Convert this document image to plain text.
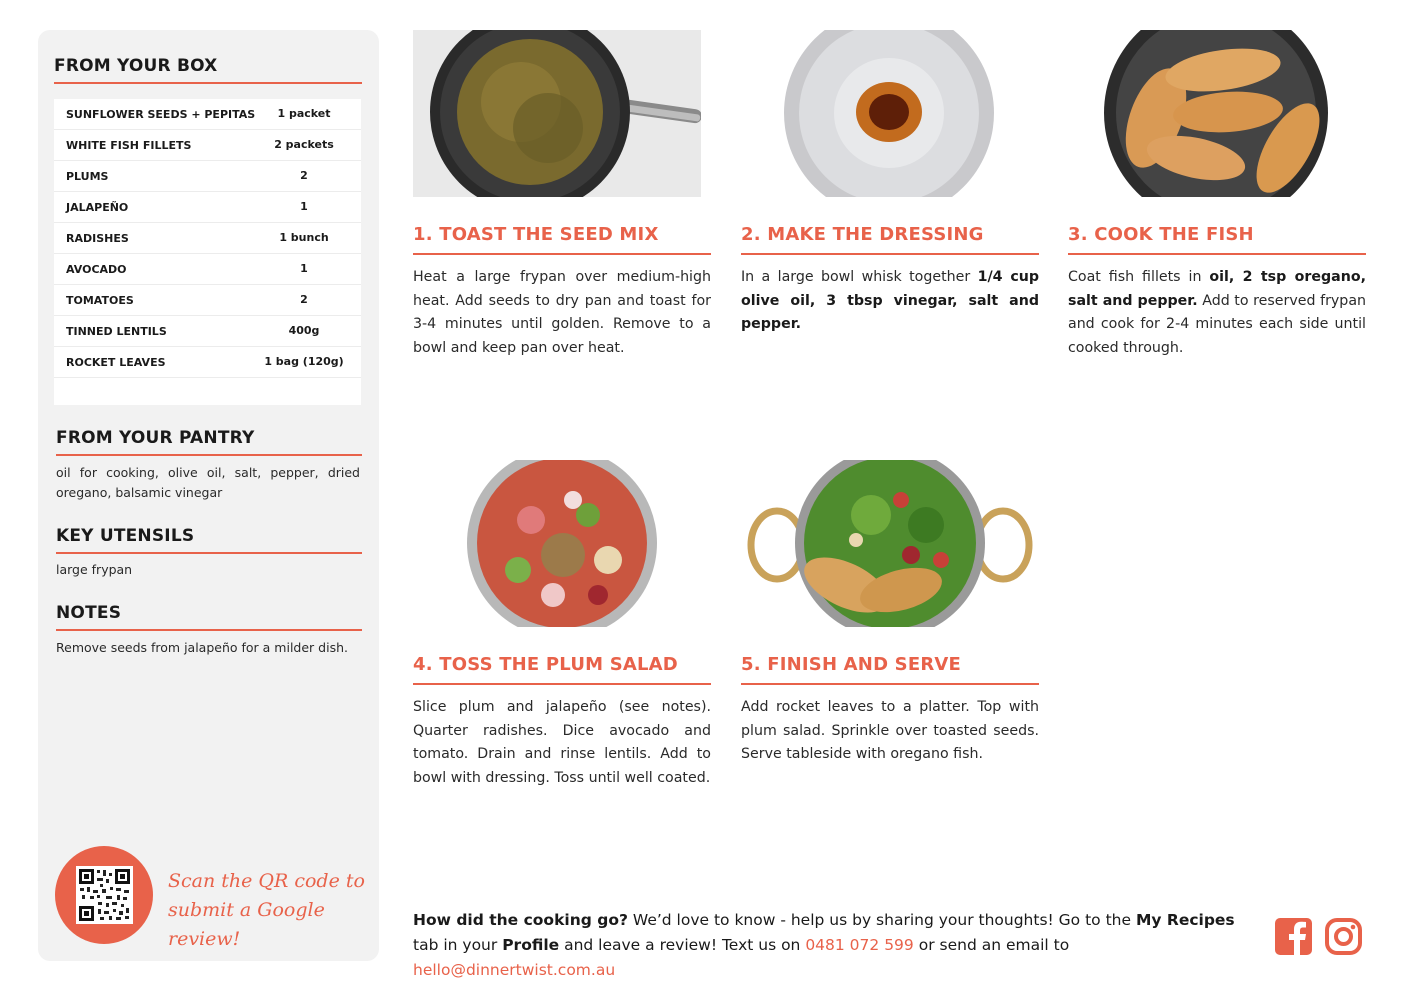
FROM YOUR BOX
SUNFLOWER SEEDS + PEPITAS	1 packet
WHITE FISH FILLETS	2 packets
PLUMS	2
JALAPEÑO	1
RADISHES	1 bunch
AVOCADO	1
TOMATOES	2
TINNED LENTILS	400g
ROCKET LEAVES	1 bag (120g)
FROM YOUR PANTRY
oil for cooking, olive oil, salt, pepper, dried oregano, balsamic vinegar
KEY UTENSILS
large frypan
NOTES
Remove seeds from jalapeño for a milder dish.
Scan the QR code to
submit a Google review!
1. TOAST THE SEED MIX
Heat a large frypan over medium-high heat. Add seeds to dry pan and toast for 3-4 minutes until golden. Remove to a bowl and keep pan over heat.
2. MAKE THE DRESSING
In a large bowl whisk together 1/4 cup olive oil, 3 tbsp vinegar, salt and pepper.
3. COOK THE FISH
Coat fish fillets in oil, 2 tsp oregano, salt and pepper. Add to reserved frypan and cook for 2-4 minutes each side until cooked through.
4. TOSS THE PLUM SALAD
Slice plum and jalapeño (see notes). Quarter radishes. Dice avocado and tomato. Drain and rinse lentils. Add to bowl with dressing. Toss until well coated.
5. FINISH AND SERVE
Add rocket leaves to a platter. Top with plum salad. Sprinkle over toasted seeds. Serve tableside with oregano fish.
How did the cooking go? We’d love to know - help us by sharing your thoughts! Go to the My Recipes tab in your Profile and leave a review! Text us on 0481 072 599 or send an email to hello@dinnertwist.com.au
